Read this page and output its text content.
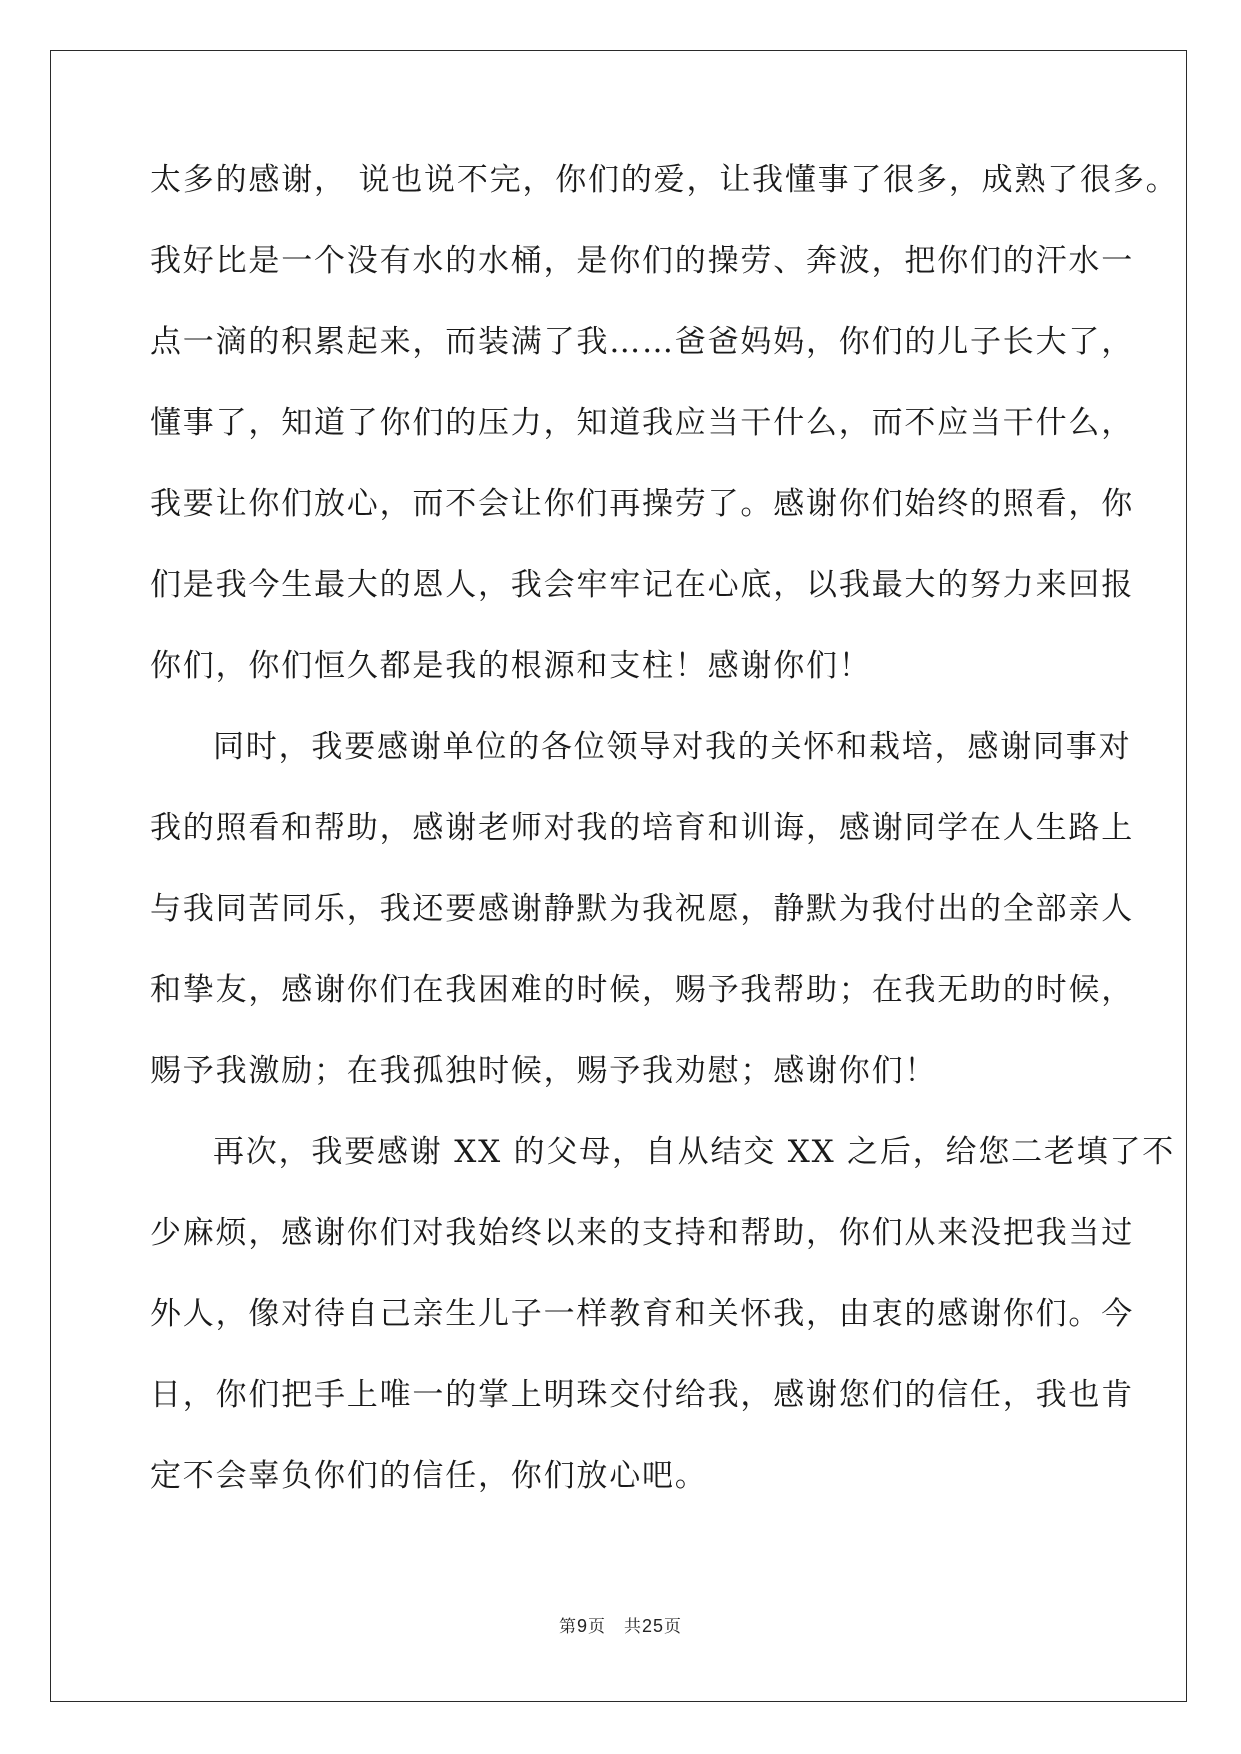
太多的感谢， 说也说不完，你们的爱，让我懂事了很多，成熟了很多。
我好比是一个没有水的水桶，是你们的操劳、奔波，把你们的汗水一
点一滴的积累起来，而装满了我……爸爸妈妈，你们的儿子长大了，
懂事了，知道了你们的压力，知道我应当干什么，而不应当干什么，
我要让你们放心，而不会让你们再操劳了。感谢你们始终的照看，你
们是我今生最大的恩人，我会牢牢记在心底，以我最大的努力来回报
你们，你们恒久都是我的根源和支柱！感谢你们！
同时，我要感谢单位的各位领导对我的关怀和栽培，感谢同事对
我的照看和帮助，感谢老师对我的培育和训诲，感谢同学在人生路上
与我同苦同乐，我还要感谢静默为我祝愿，静默为我付出的全部亲人
和挚友，感谢你们在我困难的时候，赐予我帮助；在我无助的时候，
赐予我激励；在我孤独时候，赐予我劝慰；感谢你们！
再次，我要感谢 XX 的父母，自从结交 XX 之后，给您二老填了不
少麻烦，感谢你们对我始终以来的支持和帮助，你们从来没把我当过
外人，像对待自己亲生儿子一样教育和关怀我，由衷的感谢你们。今
日，你们把手上唯一的掌上明珠交付给我，感谢您们的信任，我也肯
定不会辜负你们的信任，你们放心吧。
第9页 共25页
